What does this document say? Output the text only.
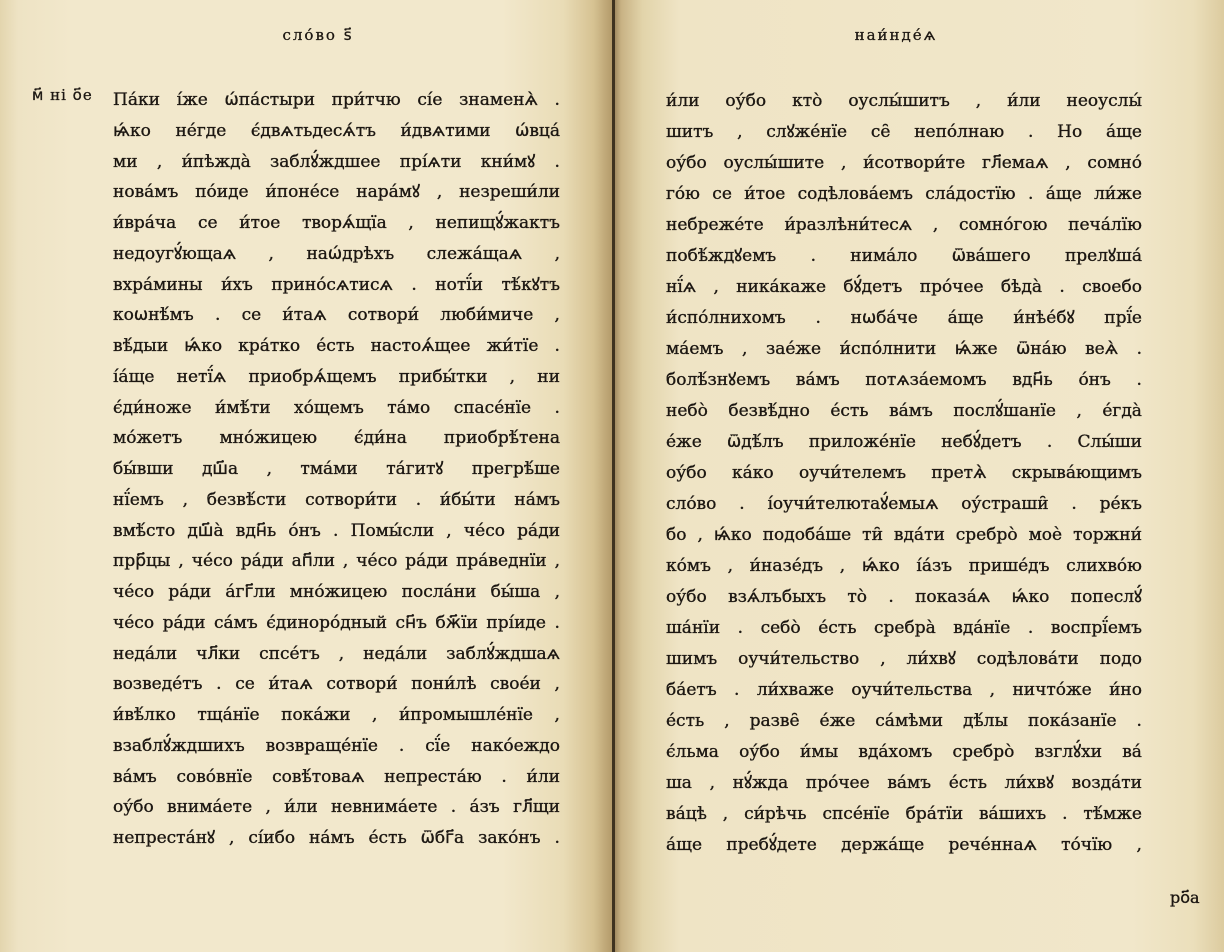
сло́во ѕ҃	наи́нде́ѧ
м҃ ні о҃е Па́ки і́же ѡ́па́стыри при́тчю сі́е знаменѧ̀ .
ѩ́ко не́где є́двѧтьдесѧ́тъ и́двѧтими ѡ́вца́
ми , и́пѣжда̀ заблꙋ́ждшее прі́ѧти кни́мꙋ .
нова́мъ по́иде и́поне́се нара́мꙋ , незреши́ли
и́вра́ча се и́тое творѧ́щїа , непищꙋ́жактъ
недоугꙋ́ющаѧ , наѡ́дрѣхъ слежа́щаѧ ,
вхра́мины и́хъ прино́сѧтисѧ . нотї́и тѣ́кꙋтъ
коѡнѣ́мъ . се и́таѧ сотвори́ люби́миче ,
вѣ́дыи ѩ́ко кра́тко е́сть настоѧ́щее жи́тїе .
і́а́ще нетї́ѧ приобрѧ́щемъ прибы́тки , ни
є́ди́ноже и́мѣ́ти хо́щемъ та́мо спасе́нїе .
мо́жетъ мно́жицею є́ди́на приобрѣ́тена
бы́вши дш҃а , тма́ми та́гитꙋ прегрѣ́ше
нї́емъ , безвѣ́сти сотвори́ти . и́бы́ти на́мъ
вмѣ́сто дш҃а̀ вдн҃ь о́нъ . Помы́сли , че́со ра́ди
прр҃цы , че́со ра́ди ап҃ли , че́со ра́ди пра́веднїи ,
че́со ра́ди а́гг҃ли мно́жицею посла́ни бы́ша ,
че́со ра́ди са́мъ є́диноро́дный сн҃ъ бж҃їи прі́иде .
неда́ли чл҃ки спсе́тъ , неда́ли заблꙋ́ждшаѧ
возведе́тъ . се и́таѧ сотвори́ пони́лѣ свое́и ,
и́вѣ́лко тща́нїе пока́жи , и́промышле́нїе ,
взаблꙋ́ждшихъ возвраще́нїе . сї́е нако́еждо
ва́мъ сово́внїе совѣ́товаѧ непреста́ю . и́ли
оу́бо внима́ете , и́ли невнима́ете . а́зъ гл҃щи
непреста́нꙋ , сі́ибо на́мъ е́сть ѿбг҃а зако́нъ .
и́ли оу́бо кто̀ оуслы́шитъ , и́ли неоуслы́
шитъ , слꙋже́нїе се̑ непо́лнаю . Но а́ще
оу́бо оуслы́шите , и́сотвори́те гл҃емаѧ , сомно́
го́ю се и́тое содѣлова́емъ сла́достїю . а́ще ли́же
небреже́те и́разлѣни́тесѧ , сомно́гою печа́лїю
побѣ́ждꙋемъ . нима́ло ѿва́шего прелꙋша́
нї́ѧ , ника́каже бꙋ́детъ про́чее бѣда̀ . своебо
и́спо́лнихомъ . нѡба́че а́ще и́нѣе́бꙋ прї́е
ма́емъ , зае́же и́спо́лнити ѩ́же ѿна́ю веѧ̀ .
болѣ́знꙋемъ ва́мъ потѧза́емомъ вдн҃ь о́нъ .
небо̀ безвѣ́дно е́сть ва́мъ послꙋ́шанїе , е́гда̀
е́же ѿдѣ́лъ приложе́нїе небꙋ́детъ . Слы́ши
оу́бо ка́ко оучи́телемъ претѧ̀ скрыва́ющимъ
сло́во . і́оучи́телютаꙋ́емыѧ оу́страши̑ . ре́къ
бо , ѩ́ко подоба́ше ти̑ вда́ти сребро̀ моѐ торжни́
ко́мъ , и́назе́дъ , ѩ́ко і́а́зъ прише́дъ слихво́ю
оу́бо взѧ́лъбыхъ то̀ . показа́ѧ ѩ́ко попеслꙋ́
ша́нїи . себо̀ е́сть сребра̀ вда́нїе . воспрї́емъ
шимъ оучи́тельство , ли́хвꙋ содѣлова́ти подо
ба́етъ . ли́хваже оучи́тельства , ничто́же и́но
е́сть , разве̑ е́же са́мѣми дѣ́лы пока́занїе .
є́льма оу́бо и́мы вда́хомъ сребро̀ взглꙋ́хи ва́
ша , нꙋ́жда про́чее ва́мъ е́сть ли́хвꙋ возда́ти
ва́цѣ , си́рѣчь спсе́нїе бра́тїи ва́шихъ . тѣ́мже
а́ще пребꙋ́дете держа́ще рече́ннаѧ то́чїю ,
ро҃а
